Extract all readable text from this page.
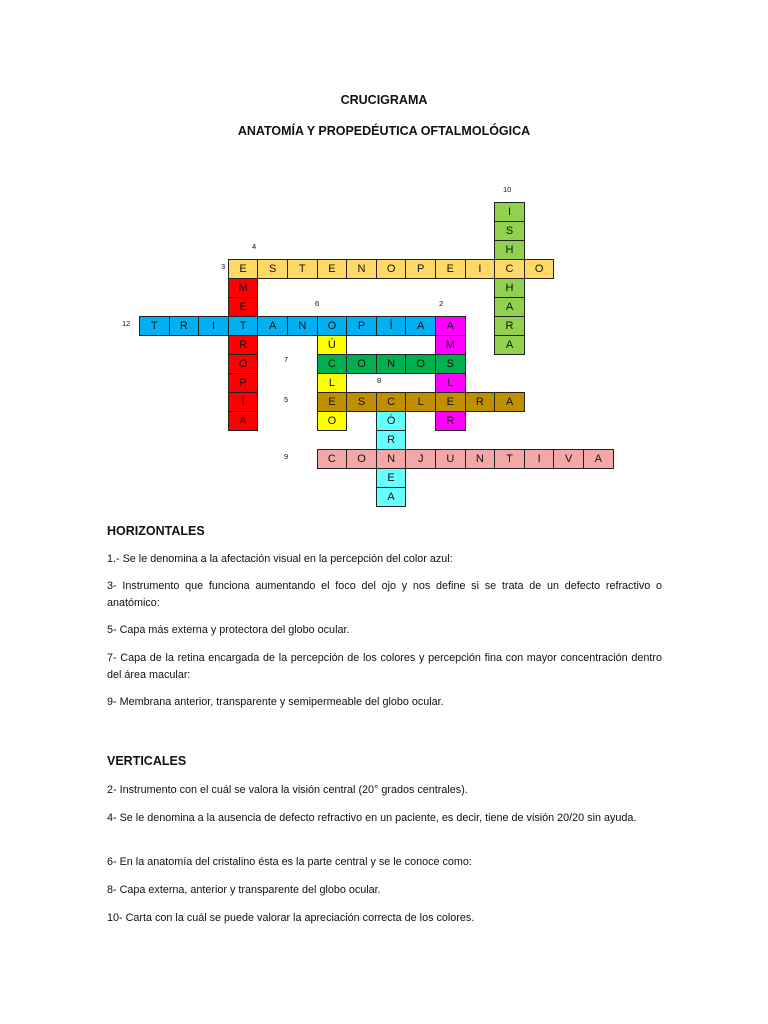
CRUCIGRAMA
ANATOMÍA Y PROPEDÉUTICA OFTALMOLÓGICA
I
S
H
C
H
A
R
A
E
M
E
T
R
O
P
Í
A
O
Ú
C
L
E
O
A
M
S
L
E
R
C
Ó
R
N
E
A
S	T	E	N	O	P	E	I	O
T	R	I	A	N	P	Í	A
O	N	O
S	L	R	A
C	O	J	U	N	T	I	V	A
10
4
3
6	2
12
7
8
5
9
HORIZONTALES
1.- Se le denomina a la afectación visual en la percepción del color azul:
3- Instrumento que funciona aumentando el foco del ojo y nos define si se trata de un defecto refractivo o anatómico:
5- Capa más externa y protectora del globo ocular.
7- Capa de la retina encargada de la percepción de los colores y percepción fina con mayor concentración dentro del área macular:
9- Membrana anterior, transparente y semipermeable del globo ocular.
VERTICALES
2- Instrumento con el cuál se valora la visión central (20° grados centrales).
4- Se le denomina a la ausencia de defecto refractivo en un paciente, es decir, tiene de visión 20/20 sin ayuda.
6- En la anatomía del cristalino ésta es la parte central y se le conoce como:
8- Capa externa, anterior y transparente del globo ocular.
10- Carta con la cuál se puede valorar la apreciación correcta de los colores.
